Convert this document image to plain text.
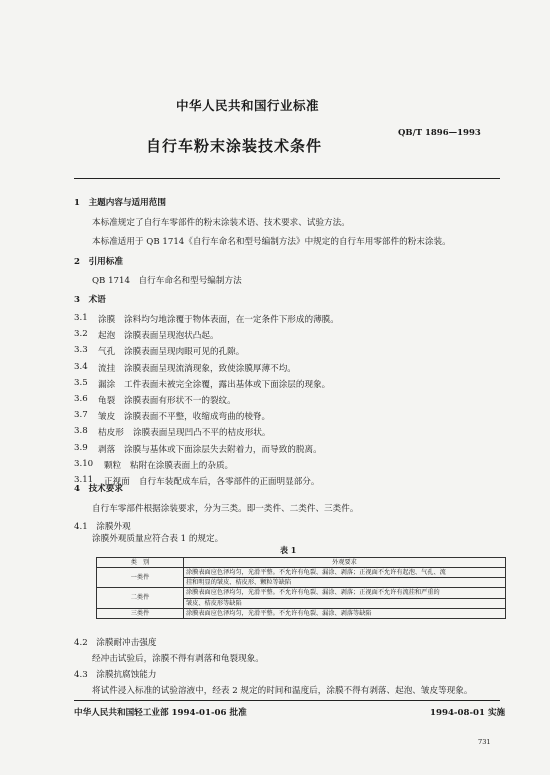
中华人民共和国行业标准
自行车粉末涂装技术条件
QB/T 1896—1993
1　主题内容与适用范围
本标准规定了自行车零部件的粉末涂装术语、技术要求、试验方法。
本标准适用于 QB 1714《自行车命名和型号编制方法》中规定的自行车用零部件的粉末涂装。
2　引用标准
QB 1714　自行车命名和型号编制方法
3　术语
3.1 涂膜 涂料均匀地涂覆于物体表面，在一定条件下形成的薄膜。
3.2 起泡 涂膜表面呈现泡状凸起。
3.3 气孔 涂膜表面呈现肉眼可见的孔隙。
3.4 流挂 涂膜表面呈现流淌现象，致使涂膜厚薄不均。
3.5 漏涂 工件表面未被完全涂覆，露出基体或下面涂层的现象。
3.6 龟裂 涂膜表面有形状不一的裂纹。
3.7 皱皮 涂膜表面不平整，收缩成弯曲的棱脊。
3.8 桔皮形 涂膜表面呈现凹凸不平的桔皮形状。
3.9 剥落 涂膜与基体或下面涂层失去附着力，而导致的脱离。
3.10 颗粒 粘附在涂膜表面上的杂质。
3.11 正视面 自行车装配成车后，各零部件的正面明显部分。
4　技术要求
自行车零部件根据涂装要求，分为三类。即一类件、二类件、三类件。
4.1　涂膜外观
涂膜外观质量应符合表 1 的规定。
表 1
类　别	外观要求
一类件	涂膜表面应色泽均匀，光滑平整。不允许有龟裂、漏涂、剥落；正视面不允许有起泡、气孔、流
	挂和明显的皱皮、桔皮形、颗粒等缺陷
二类件	涂膜表面应色泽均匀，光滑平整。不允许有龟裂、漏涂、剥落；正视面不允许有流挂和严重的
	皱皮、桔皮形等缺陷
三类件	涂膜表面应色泽均匀，光滑平整。不允许有龟裂、漏涂、剥落等缺陷
4.2　涂膜耐冲击强度
经冲击试验后，涂膜不得有剥落和龟裂现象。
4.3　涂膜抗腐蚀能力
将试件浸入标准的试验溶液中，经表 2 规定的时间和温度后，涂膜不得有剥落、起泡、皱皮等现象。
中华人民共和国轻工业部 1994-01-06 批准	1994-08-01 实施
731
